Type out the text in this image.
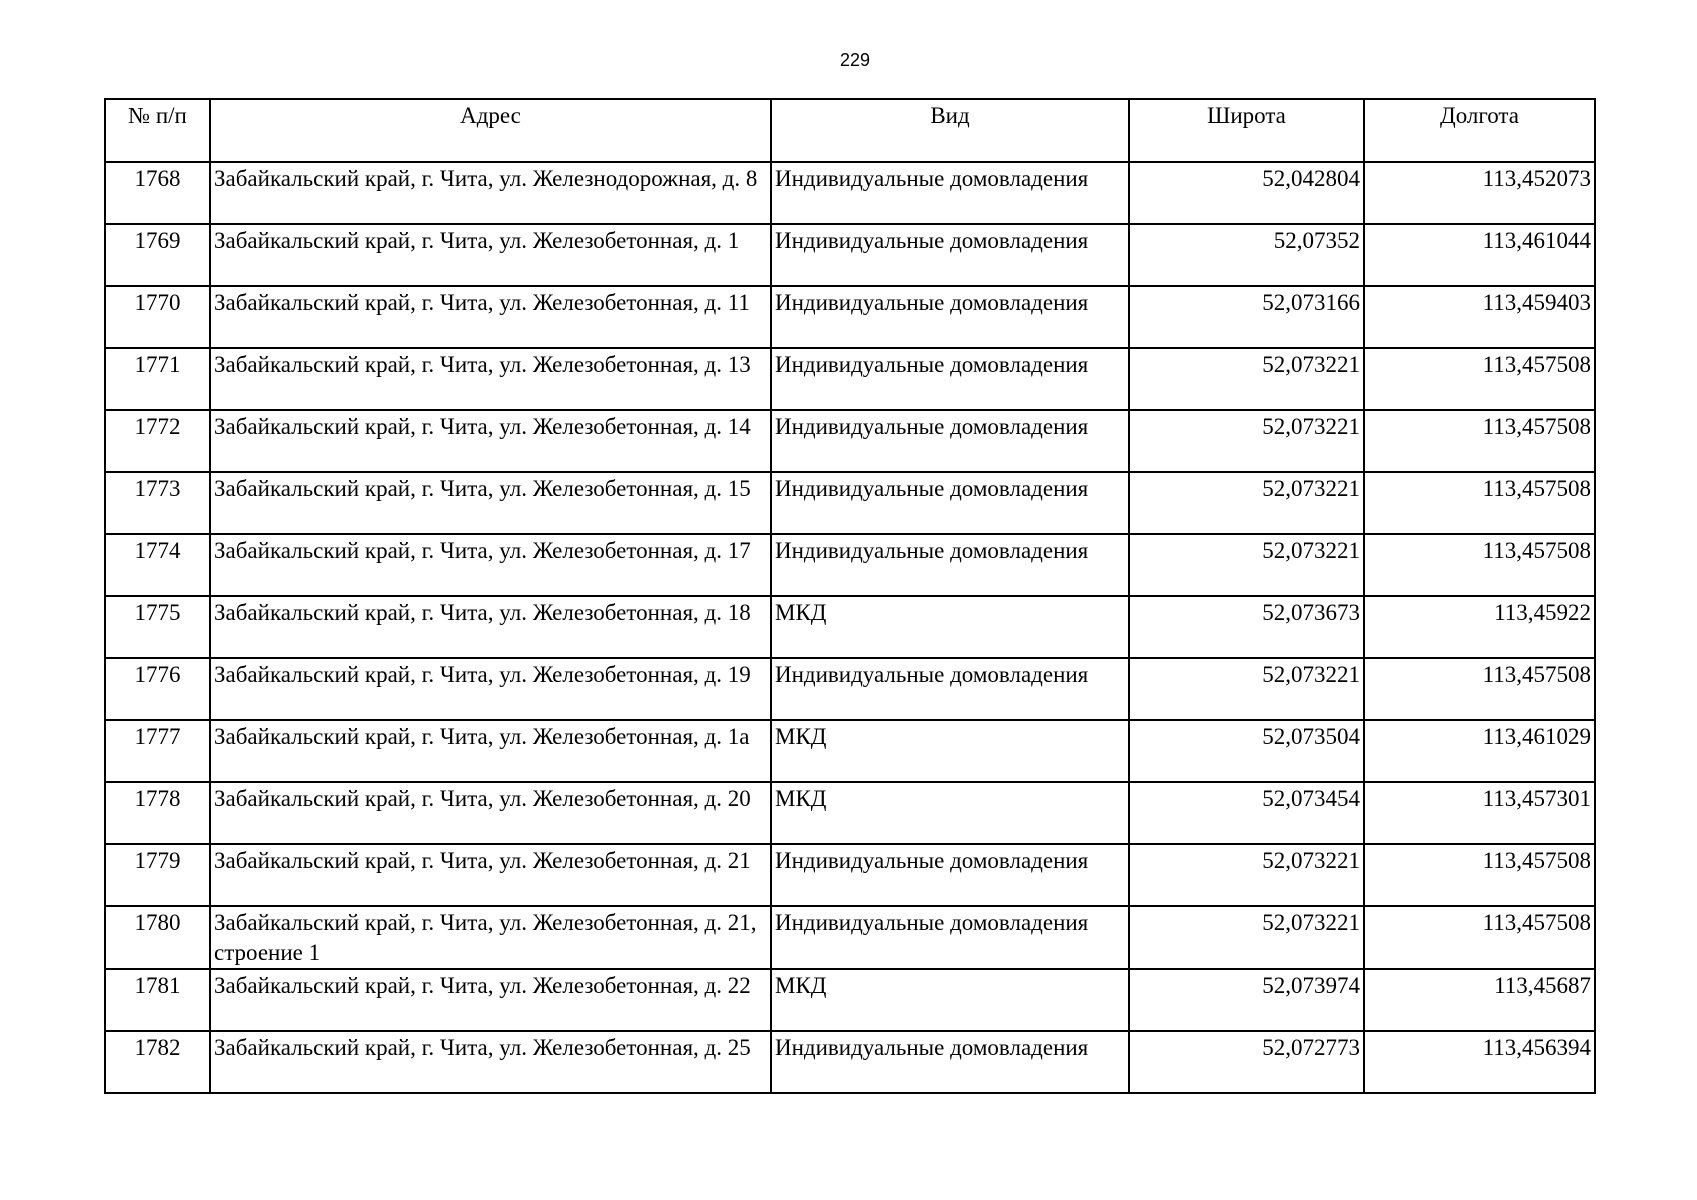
229
№ п/п	Адрес	Вид	Широта	Долгота
1768	Забайкальский край, г. Чита, ул. Железнодорожная, д. 8	Индивидуальные домовладения	52,042804	113,452073
1769	Забайкальский край, г. Чита, ул. Железобетонная, д. 1	Индивидуальные домовладения	52,07352	113,461044
1770	Забайкальский край, г. Чита, ул. Железобетонная, д. 11	Индивидуальные домовладения	52,073166	113,459403
1771	Забайкальский край, г. Чита, ул. Железобетонная, д. 13	Индивидуальные домовладения	52,073221	113,457508
1772	Забайкальский край, г. Чита, ул. Железобетонная, д. 14	Индивидуальные домовладения	52,073221	113,457508
1773	Забайкальский край, г. Чита, ул. Железобетонная, д. 15	Индивидуальные домовладения	52,073221	113,457508
1774	Забайкальский край, г. Чита, ул. Железобетонная, д. 17	Индивидуальные домовладения	52,073221	113,457508
1775	Забайкальский край, г. Чита, ул. Железобетонная, д. 18	МКД	52,073673	113,45922
1776	Забайкальский край, г. Чита, ул. Железобетонная, д. 19	Индивидуальные домовладения	52,073221	113,457508
1777	Забайкальский край, г. Чита, ул. Железобетонная, д. 1а	МКД	52,073504	113,461029
1778	Забайкальский край, г. Чита, ул. Железобетонная, д. 20	МКД	52,073454	113,457301
1779	Забайкальский край, г. Чита, ул. Железобетонная, д. 21	Индивидуальные домовладения	52,073221	113,457508
1780	Забайкальский край, г. Чита, ул. Железобетонная, д. 21, строение 1	Индивидуальные домовладения	52,073221	113,457508
1781	Забайкальский край, г. Чита, ул. Железобетонная, д. 22	МКД	52,073974	113,45687
1782	Забайкальский край, г. Чита, ул. Железобетонная, д. 25	Индивидуальные домовладения	52,072773	113,456394
